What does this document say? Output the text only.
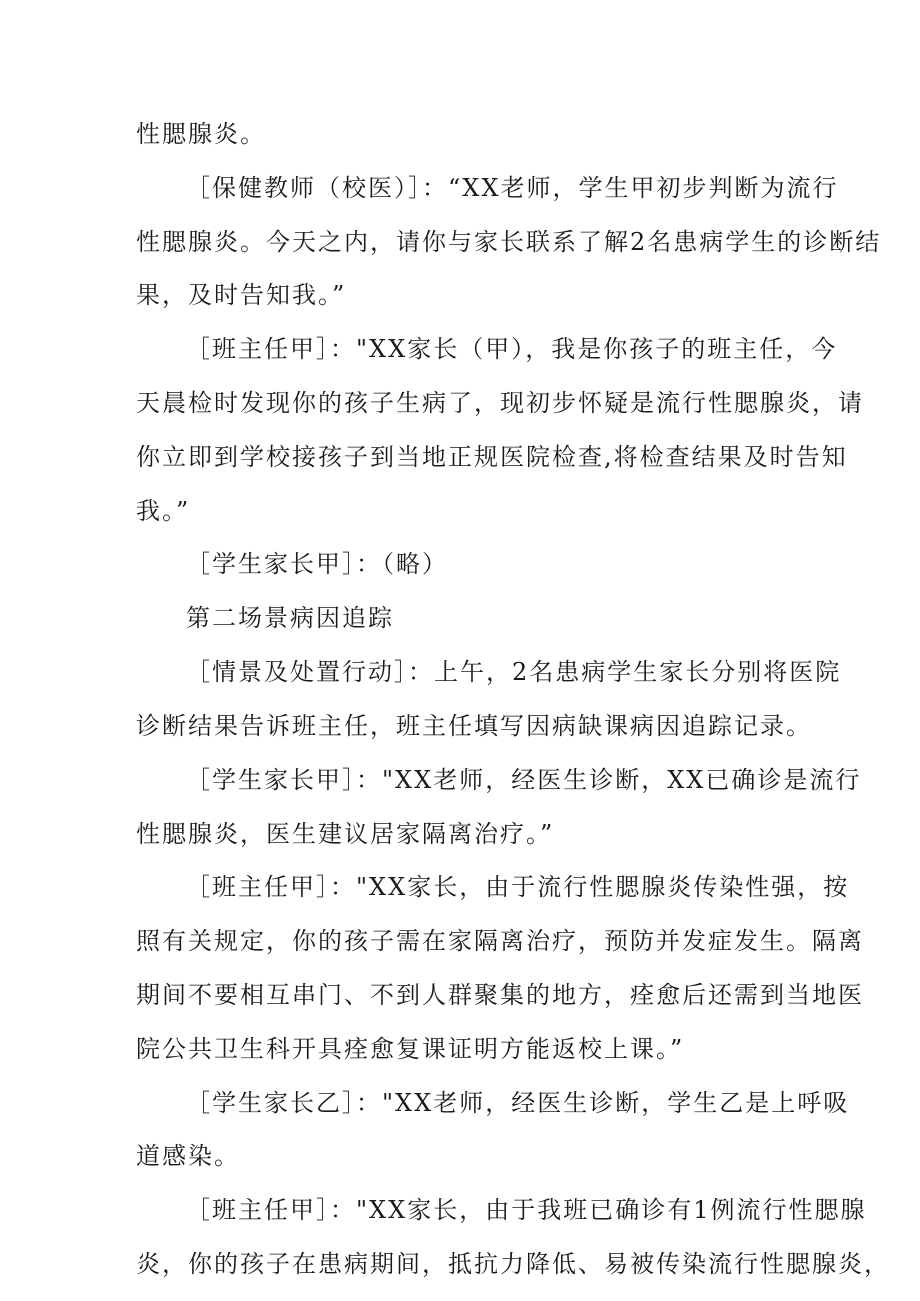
性腮腺炎。
［保健教师（校医）］：“XX老师，学生甲初步判断为流行
性腮腺炎。今天之内，请你与家长联系了解2名患病学生的诊断结
果，及时告知我。”
［班主任甲］："XX家长（甲），我是你孩子的班主任，今
天晨检时发现你的孩子生病了，现初步怀疑是流行性腮腺炎，请
你立即到学校接孩子到当地正规医院检查,将检查结果及时告知
我。”
［学生家长甲］：（略）
第二场景病因追踪
［情景及处置行动］：上午，2名患病学生家长分别将医院
诊断结果告诉班主任，班主任填写因病缺课病因追踪记录。
［学生家长甲］："XX老师，经医生诊断，XX已确诊是流行
性腮腺炎，医生建议居家隔离治疗。”
［班主任甲］："XX家长，由于流行性腮腺炎传染性强，按
照有关规定，你的孩子需在家隔离治疗，预防并发症发生。隔离
期间不要相互串门、不到人群聚集的地方，痊愈后还需到当地医
院公共卫生科开具痊愈复课证明方能返校上课。”
［学生家长乙］："XX老师，经医生诊断，学生乙是上呼吸
道感染。
［班主任甲］："XX家长，由于我班已确诊有1例流行性腮腺
炎，你的孩子在患病期间，抵抗力降低、易被传染流行性腮腺炎，
